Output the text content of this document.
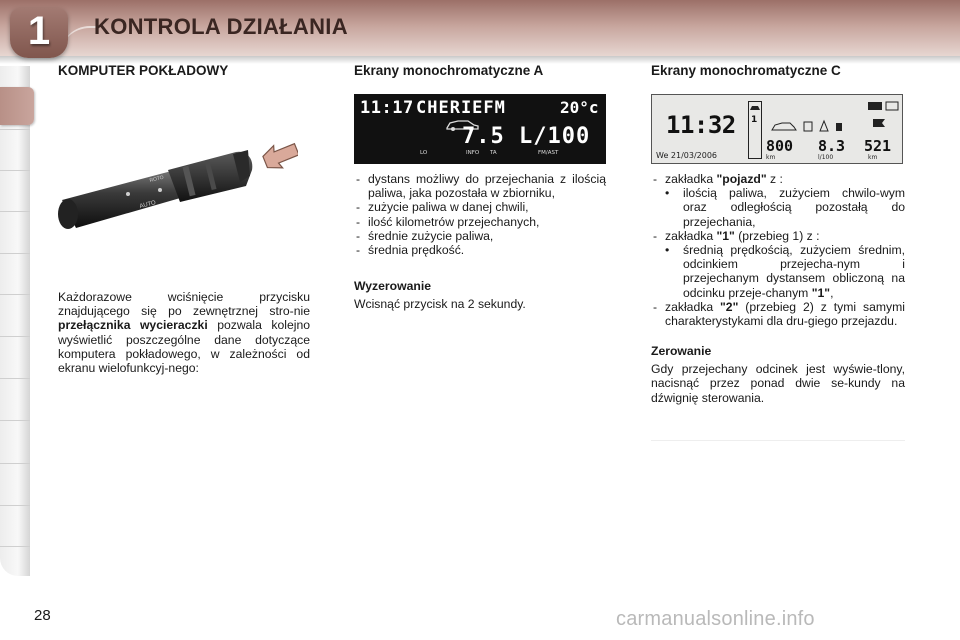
1	KONTROLA DZIAŁANIA
KOMPUTER POKŁADOWY
AUTO
ROTO

Każdorazowe wciśnięcie przycisku znajdującego się po zewnętrznej stro-nie przełącznika wycieraczki pozwala kolejno wyświetlić poszczególne dane dotyczące komputera pokładowego, w zależności od ekranu wielofunkcyj-nego:

Ekrany monochromatyczne A
11:17 CHERIEFM	20°c
7.5 L/100
LO	INFO TA	FM/AST
- dystans możliwy do przejechania z ilością paliwa, jaka pozostała w zbiorniku,
- zużycie paliwa w danej chwili,
- ilość kilometrów przejechanych,
- średnie zużycie paliwa,
- średnia prędkość.
Wyzerowanie
Wcisnąć przycisk na 2 sekundy.
Ekrany monochromatyczne C
11:32
We 21/03/2006
1
800 8.3 521
km	l/100	km
- zakładka "pojazd" z :
• ilością paliwa, zużyciem chwilo-wym oraz odległością pozostałą do przejechania,
- zakładka "1" (przebieg 1) z :
• średnią prędkością, zużyciem średnim, odcinkiem przejecha-nym i przejechanym dystansem obliczoną na odcinku przeje-chanym "1",
- zakładka "2" (przebieg 2) z tymi samymi charakterystykami dla dru-giego przejazdu.
Zerowanie
Gdy przejechany odcinek jest wyświe-tlony, nacisnąć przez ponad dwie se-kundy na dźwignię sterowania.
28	carmanualsonline.info
